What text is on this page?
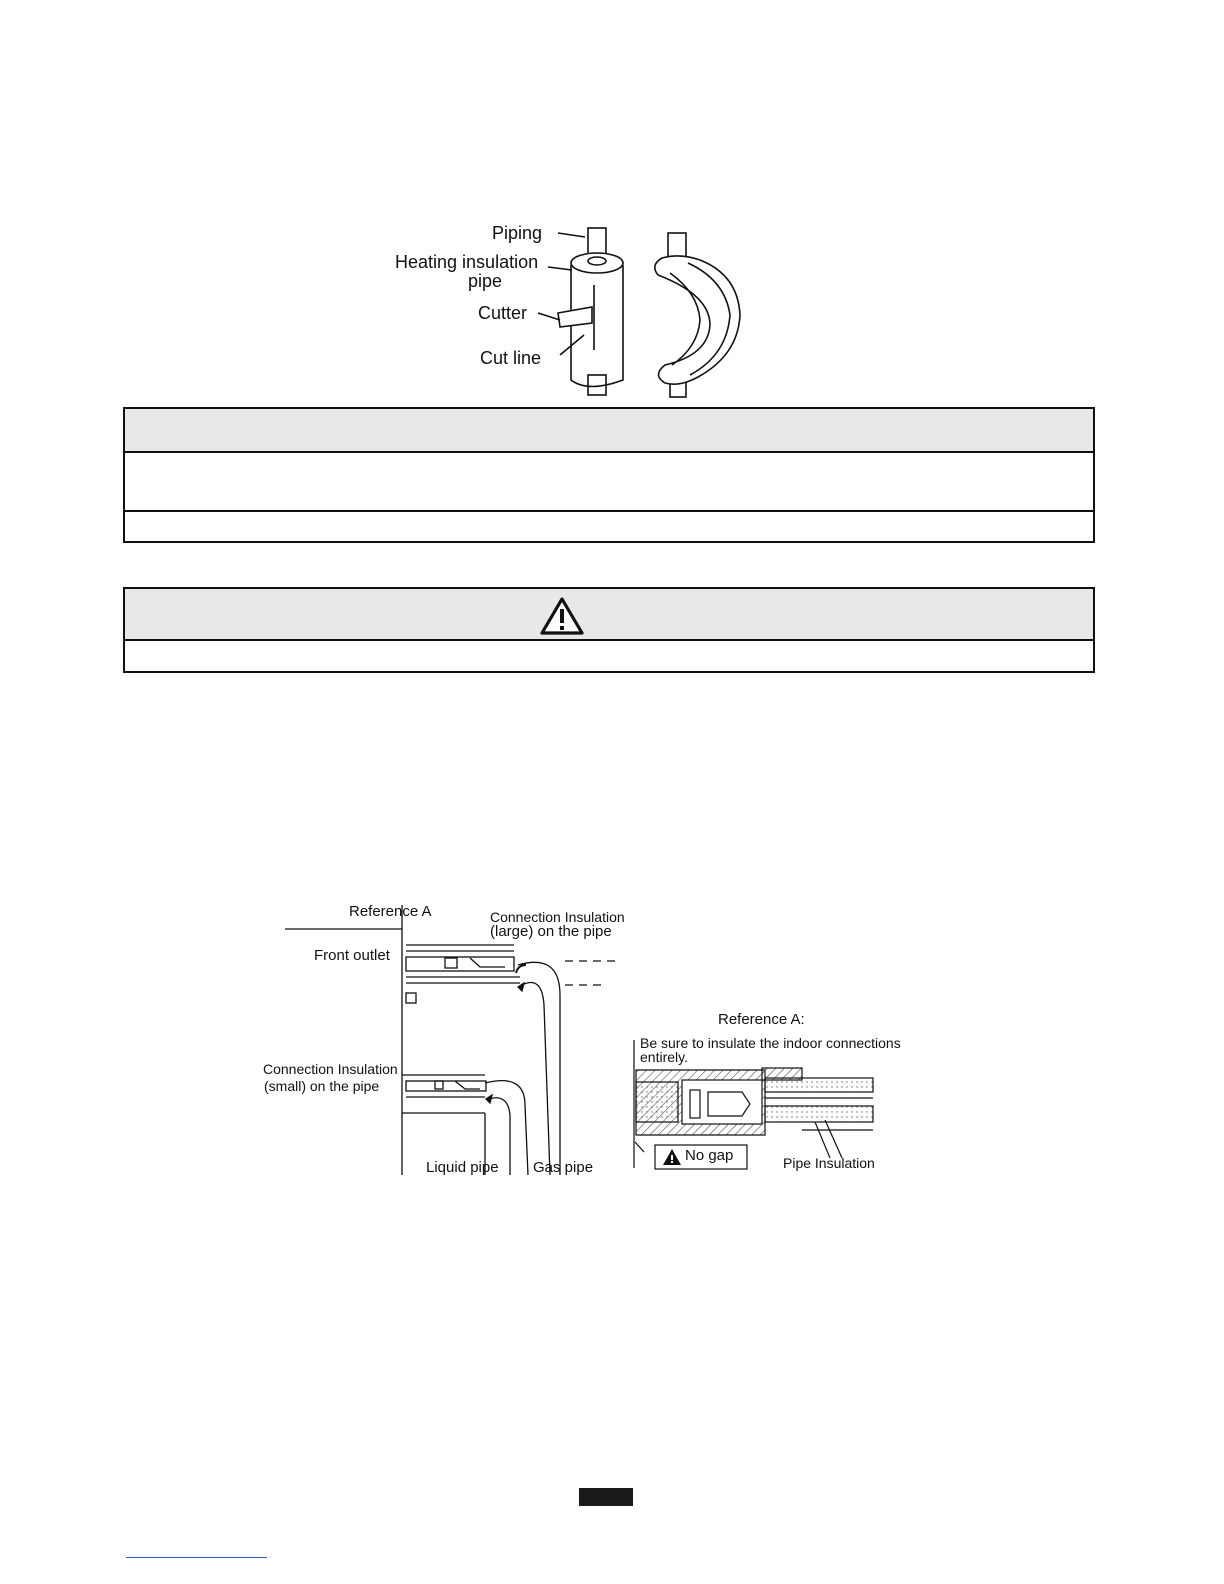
Piping
Heating insulation
pipe
Cutter
Cut line
Reference A	Connection Insulation
(large) on the pipe
Front outlet
Connection Insulation
(small) on the pipe
Liquid pipe Gas pipe
Reference A:
Be sure to insulate the indoor connections
entirely.
No gap	Pipe Insulation
